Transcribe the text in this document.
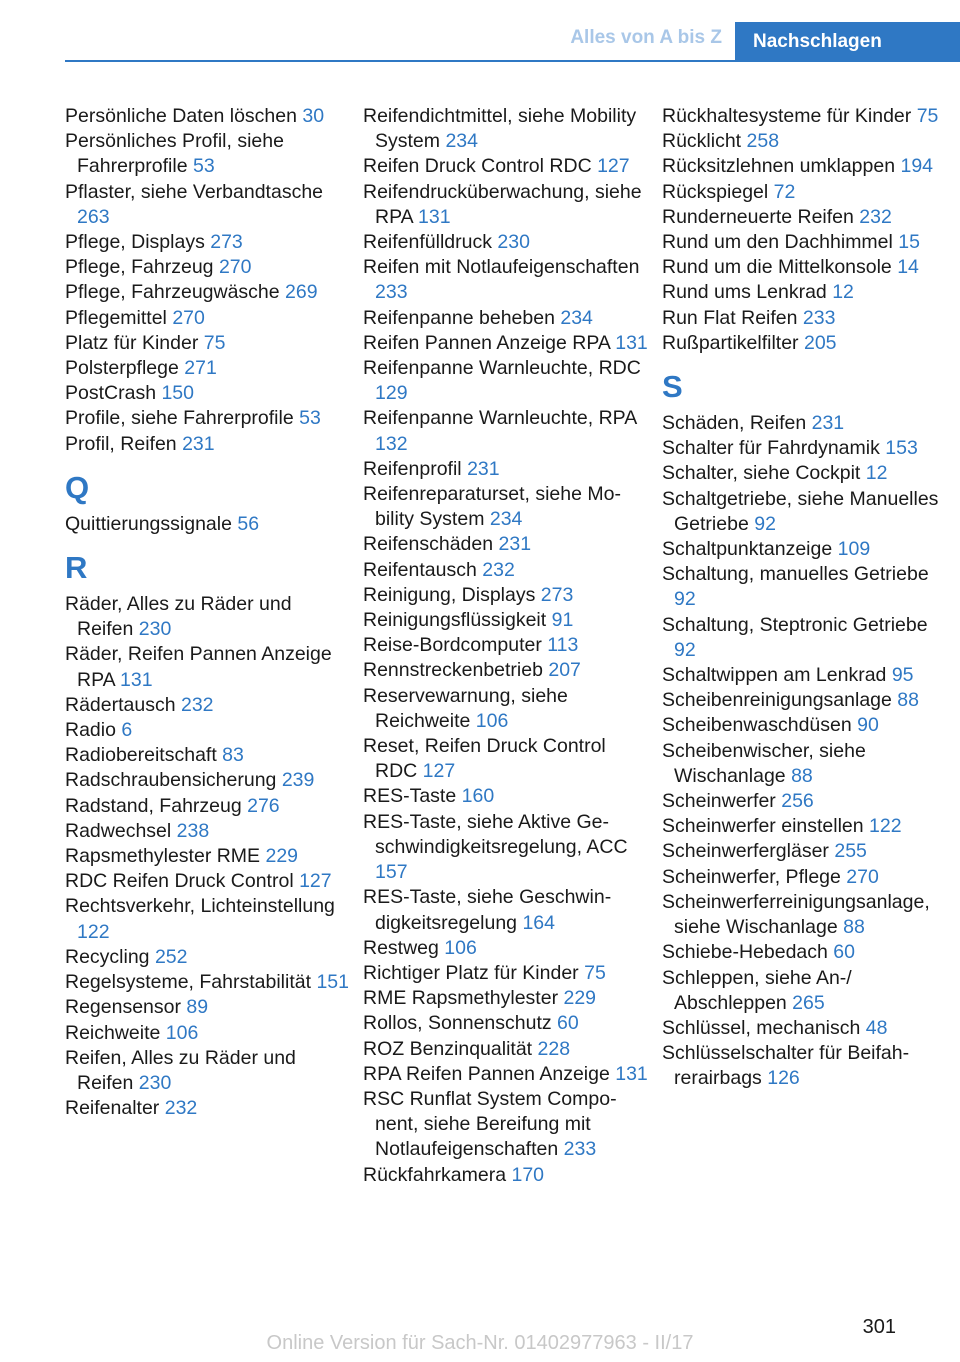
Alles von A bis Z	Nachschlagen
Persönliche Daten löschen 30
Persönliches Profil, siehe Fahrerprofile 53
Pflaster, siehe Verbandtasche 263
Pflege, Displays 273
Pflege, Fahrzeug 270
Pflege, Fahrzeugwäsche 269
Pflegemittel 270
Platz für Kinder 75
Polsterpflege 271
PostCrash 150
Profile, siehe Fahrerprofile 53
Profil, Reifen 231
Q
Quittierungssignale 56
R
Räder, Alles zu Räder und Reifen 230
Räder, Reifen Pannen Anzeige RPA 131
Rädertausch 232
Radio 6
Radiobereitschaft 83
Radschraubensicherung 239
Radstand, Fahrzeug 276
Radwechsel 238
Rapsmethylester RME 229
RDC Reifen Druck Control 127
Rechtsverkehr, Lichteinstellung 122
Recycling 252
Regelsysteme, Fahrstabilität 151
Regensensor 89
Reichweite 106
Reifen, Alles zu Räder und Reifen 230
Reifenalter 232
Reifendichtmittel, siehe Mobility System 234
Reifen Druck Control RDC 127
Reifendrucküberwachung, siehe RPA 131
Reifenfülldruck 230
Reifen mit Notlaufeigenschaften 233
Reifenpanne beheben 234
Reifen Pannen Anzeige RPA 131
Reifenpanne Warnleuchte, RDC 129
Reifenpanne Warnleuchte, RPA 132
Reifenprofil 231
Reifenreparaturset, siehe Mobility System 234
Reifenschäden 231
Reifentausch 232
Reinigung, Displays 273
Reinigungsflüssigkeit 91
Reise-Bordcomputer 113
Rennstreckenbetrieb 207
Reservewarnung, siehe Reichweite 106
Reset, Reifen Druck Control RDC 127
RES-Taste 160
RES-Taste, siehe Aktive Geschwindigkeitsregelung, ACC 157
RES-Taste, siehe Geschwindigkeitsregelung 164
Restweg 106
Richtiger Platz für Kinder 75
RME Rapsmethylester 229
Rollos, Sonnenschutz 60
ROZ Benzinqualität 228
RPA Reifen Pannen Anzeige 131
RSC Runflat System Component, siehe Bereifung mit Notlaufeigenschaften 233
Rückfahrkamera 170
Rückhaltesysteme für Kinder 75
Rücklicht 258
Rücksitzlehnen umklappen 194
Rückspiegel 72
Runderneuerte Reifen 232
Rund um den Dachhimmel 15
Rund um die Mittelkonsole 14
Rund ums Lenkrad 12
Run Flat Reifen 233
Rußpartikelfilter 205
S
Schäden, Reifen 231
Schalter für Fahrdynamik 153
Schalter, siehe Cockpit 12
Schaltgetriebe, siehe Manuelles Getriebe 92
Schaltpunktanzeige 109
Schaltung, manuelles Getriebe 92
Schaltung, Steptronic Getriebe 92
Schaltwippen am Lenkrad 95
Scheibenreinigungsanlage 88
Scheibenwaschdüsen 90
Scheibenwischer, siehe Wischanlage 88
Scheinwerfer 256
Scheinwerfer einstellen 122
Scheinwerfergläser 255
Scheinwerfer, Pflege 270
Scheinwerferreinigungsanlage, siehe Wischanlage 88
Schiebe-Hebedach 60
Schleppen, siehe An-/ Abschleppen 265
Schlüssel, mechanisch 48
Schlüsselschalter für Beifahrerairbags 126
301
Online Version für Sach-Nr. 01402977963 - II/17
